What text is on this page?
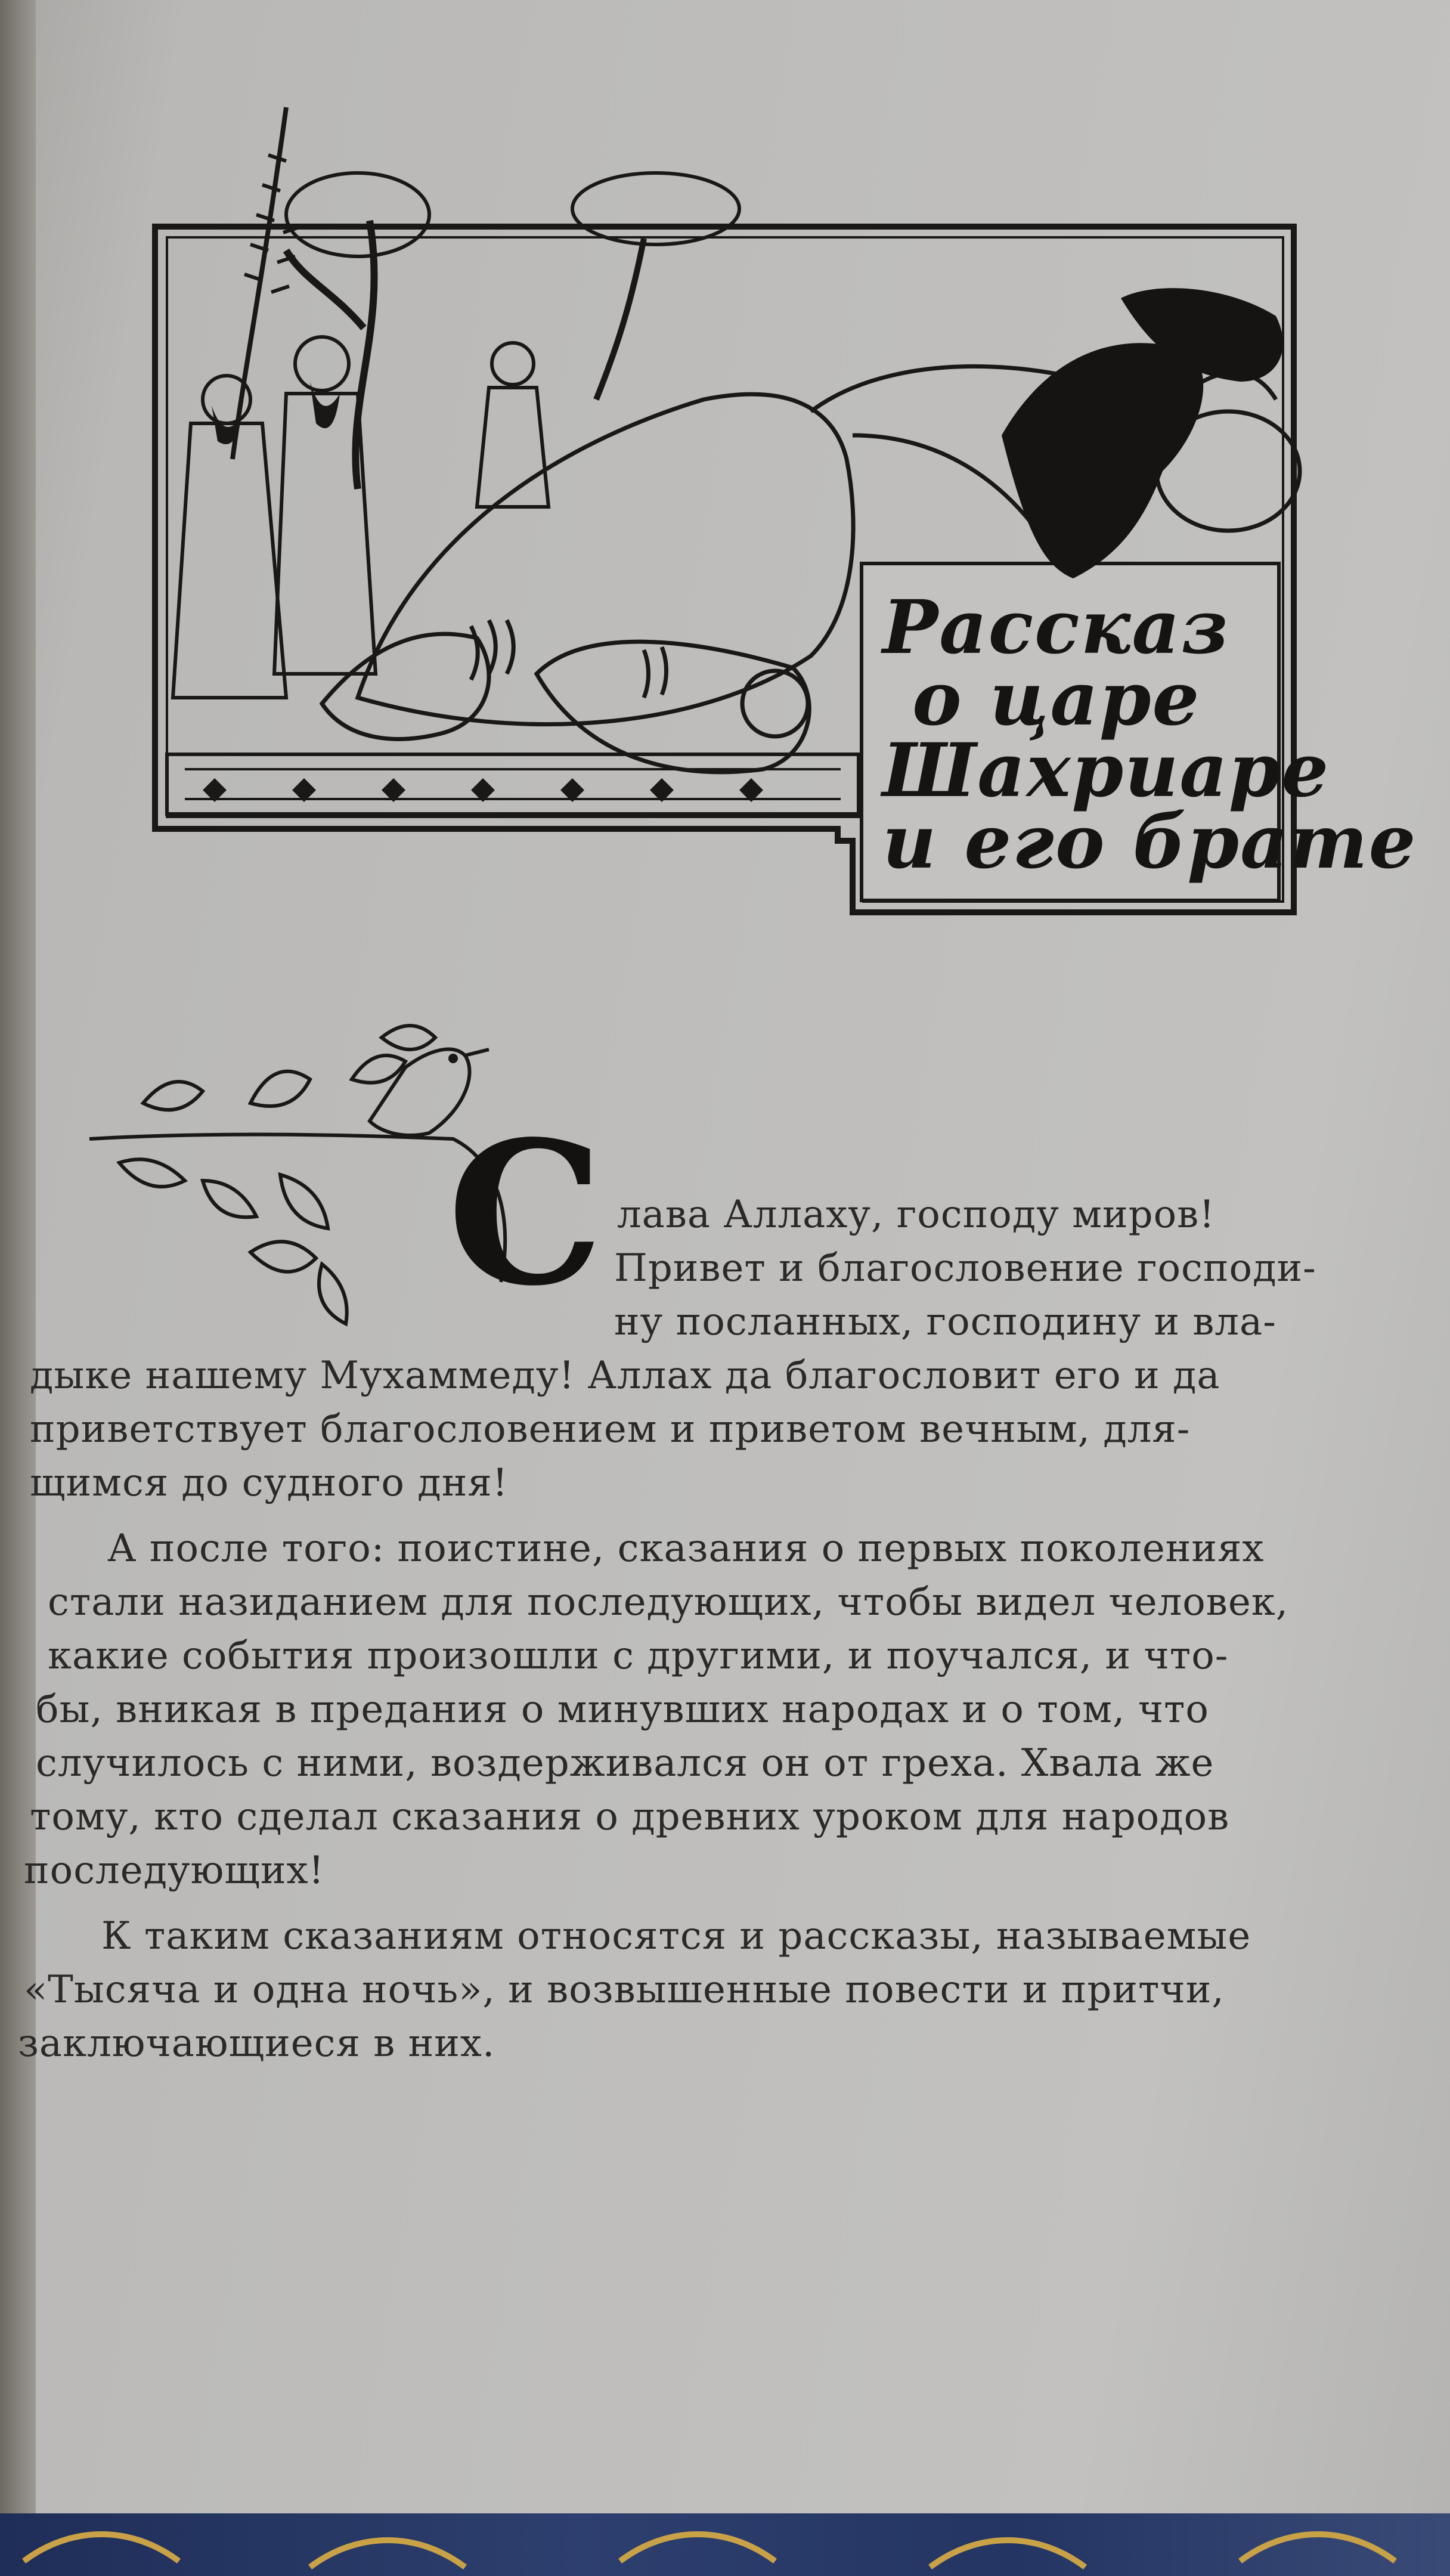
Рассказ
о царе
Шахриаре
и его брате
С лава Аллаху, господу миров!
Привет и благословение господи-
ну посланных, господину и вла-
дыке нашему Мухаммеду! Аллах да благословит его и да
приветствует благословением и приветом вечным, для-
щимся до судного дня!
А после того: поистине, сказания о первых поколениях
стали назиданием для последующих, чтобы видел человек,
какие события произошли с другими, и поучался, и что-
бы, вникая в предания о минувших народах и о том, что
случилось с ними, воздерживался он от греха. Хвала же
тому, кто сделал сказания о древних уроком для народов
последующих!
К таким сказаниям относятся и рассказы, называемые
«Тысяча и одна ночь», и возвышенные повести и притчи,
заключающиеся в них.
